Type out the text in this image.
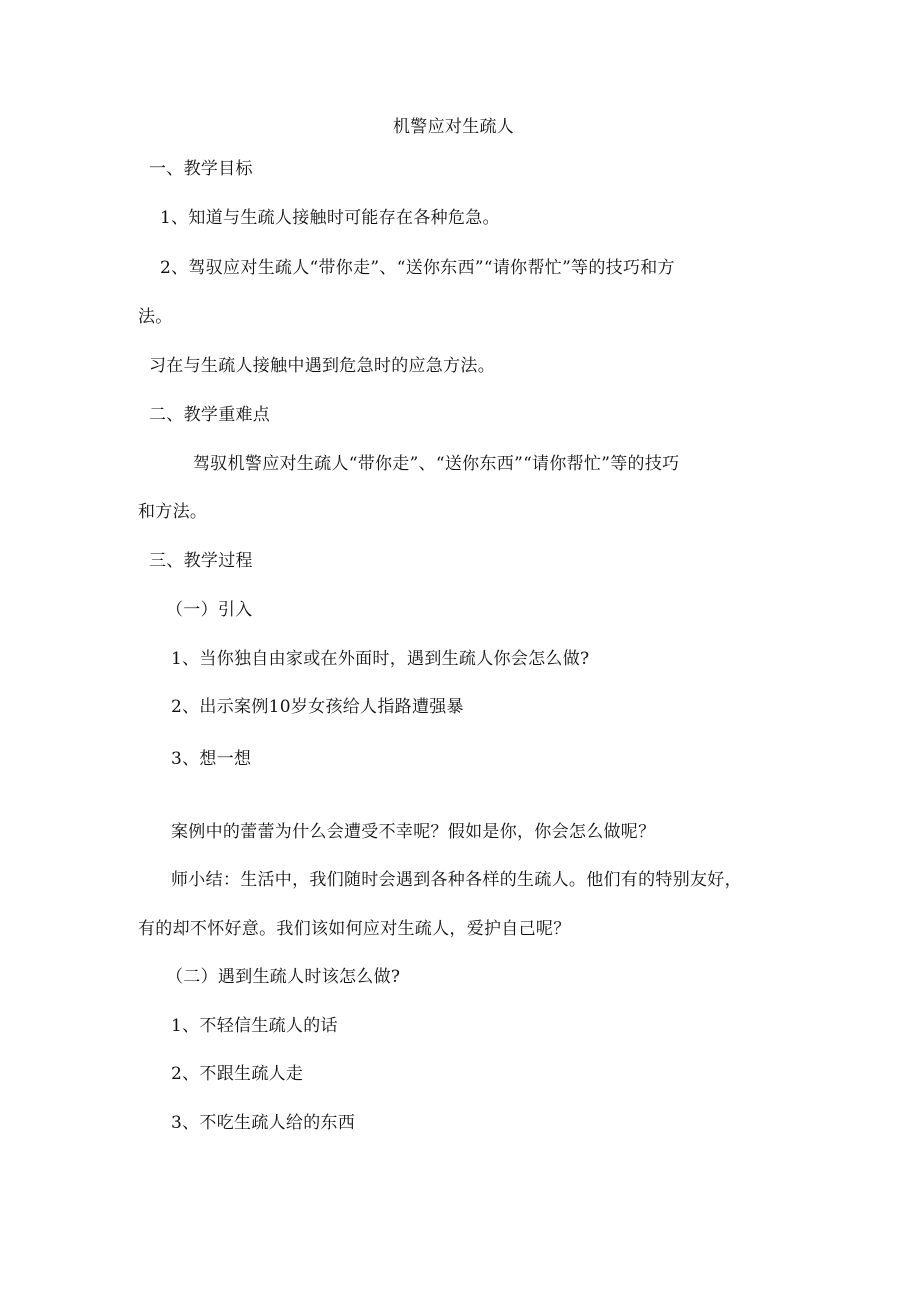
机警应对生疏人
一、教学目标
1、知道与生疏人接触时可能存在各种危急。
2、驾驭应对生疏人“带你走”、“送你东西”“请你帮忙”等的技巧和方
法。
习在与生疏人接触中遇到危急时的应急方法。
二、教学重难点
驾驭机警应对生疏人“带你走”、“送你东西”“请你帮忙”等的技巧
和方法。
三、教学过程
（一）引入
1、当你独自由家或在外面时，遇到生疏人你会怎么做?
2、出示案例10岁女孩给人指路遭强暴
3、想一想
案例中的蕾蕾为什么会遭受不幸呢？假如是你，你会怎么做呢？
师小结：生活中，我们随时会遇到各种各样的生疏人。他们有的特别友好，
有的却不怀好意。我们该如何应对生疏人，爱护自己呢？
（二）遇到生疏人时该怎么做?
1、不轻信生疏人的话
2、不跟生疏人走
3、不吃生疏人给的东西
